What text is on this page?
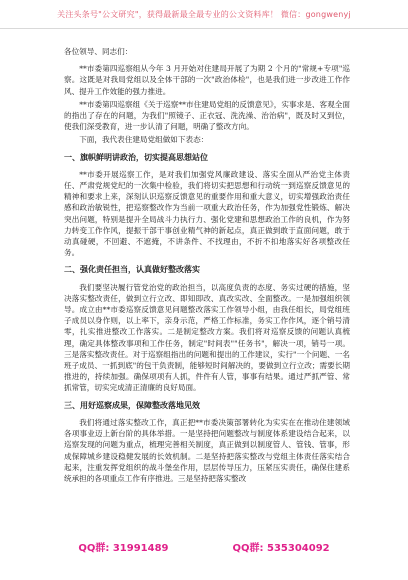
关注头条号"公文研究"，获得最新最全最专业的公文资料库！ 微信：gongwenyj
各位领导、同志们：
**市委第四巡察组从今年 3 月开始对住建局开展了为期 2 个月的"常规+专项"巡察。这既是对我局党组以及全体干部的一次"政治体检"，也是我们进一步改进工作作风、提升工作效能的强力推进。
**市委第四巡察组《关于巡察**市住建局党组的反馈意见》，实事求是、客观全面的指出了存在的问题，为我们"照镜子、正衣冠、洗洗澡、治治病"，既及时又到位，使我们深受教育，进一步认清了问题，明确了整改方向。
下面，我代表住建局党组做如下表态：
一、旗帜鲜明讲政治，切实提高思想站位
**市委开展巡察工作，是对我们加强党风廉政建设、落实全面从严治党主体责任、严肃党规党纪的一次集中检验，我们将切实把思想和行动统一到巡察反馈意见的精神和要求上来，深刻认识巡察反馈意见的重要作用和重大意义，切实增强政治责任感和政治敏锐性，把巡察整改作为当前一项重大政治任务，作为加强党性锻炼、解决突出问题，特别是提升全局战斗力执行力、强化党建和思想政治工作的良机，作为努力转变工作作风，提振干部干事创业精气神的新起点，真正做到敢于直面问题，敢于动真碰硬，不回避、不遮掩，不讲条件、不找理由，不折不扣地落实好各项整改任务。
二、强化责任担当，认真做好整改落实
我们要坚决履行管党治党的政治担当，以高度负责的态度、务实过硬的措施，坚决落实整改责任，做到立行立改、即知即改、真改实改、全面整改。一是加强组织领导。成立由**市委巡察反馈意见问题整改落实工作领导小组，由我任组长，局党组班子成员以身作则，以上率下，亲身示范，严格工作标准，务实工作作风，逐个销号清零，扎实推进整改工作落实。二是制定整改方案。我们将对巡察反馈的问题认真梳理，确定具体整改事项和工作任务，制定"时间表""任务书"，解决一项，销号一项。三是落实整改责任。对于巡察组指出的问题和提出的工作建议，实行"一个问题、一名班子成员、一抓到底"的包干负责制，能够短时间解决的，要做到立行立改；需要长期推进的，持续加强。确保项项有人抓，件件有人管，事事有结果。通过严抓严管、常抓常管，切实完成清正清廉的良好局面。
三、用好巡察成果，保障整改落地见效
我们将通过落实整改工作，真正把**市委决策部署转化为实实在在推动住建领域各项事业迈上新台阶的具体举措。一是坚持把问题整改与制度体系建设结合起来，以巡察发现的问题为重点，梳理完善相关制度，真正做到以制度管人、管钱、管事，形成保障城乡建设稳健发展的长效机制。二是坚持把落实整改与党组主体责任落实结合起来，注重发挥党组织的战斗堡垒作用，层层传导压力，压紧压实责任，确保住建系统承担的各项重点工作有序推进。三是坚持把落实整改
QQ群: 31991489	QQ群: 535304092
